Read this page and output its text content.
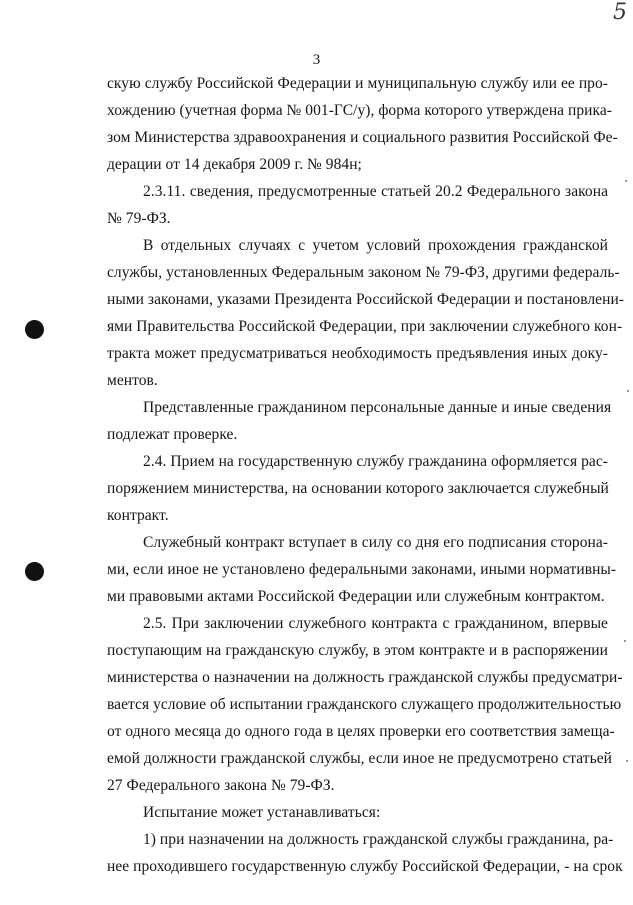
5
3
скую службу Российской Федерации и муниципальную службу или ее про-
хождению (учетная форма № 001-ГС/у), форма которого утверждена прика-
зом Министерства здравоохранения и социального развития Российской Фе-
дерации от 14 декабря 2009 г. № 984н;
2.3.11. сведения, предусмотренные статьей 20.2 Федерального закона
№ 79-ФЗ.
В отдельных случаях с учетом условий прохождения гражданской
службы, установленных Федеральным законом № 79-ФЗ, другими федераль-
ными законами, указами Президента Российской Федерации и постановлени-
ями Правительства Российской Федерации, при заключении служебного кон-
тракта может предусматриваться необходимость предъявления иных доку-
ментов.
Представленные гражданином персональные данные и иные сведения
подлежат проверке.
2.4. Прием на государственную службу гражданина оформляется рас-
поряжением министерства, на основании которого заключается служебный
контракт.
Служебный контракт вступает в силу со дня его подписания сторона-
ми, если иное не установлено федеральными законами, иными нормативны-
ми правовыми актами Российской Федерации или служебным контрактом.
2.5. При заключении служебного контракта с гражданином, впервые
поступающим на гражданскую службу, в этом контракте и в распоряжении
министерства о назначении на должность гражданской службы предусматри-
вается условие об испытании гражданского служащего продолжительностью
от одного месяца до одного года в целях проверки его соответствия замеща-
емой должности гражданской службы, если иное не предусмотрено статьей
27 Федерального закона № 79-ФЗ.
Испытание может устанавливаться:
1) при назначении на должность гражданской службы гражданина, ра-
нее проходившего государственную службу Российской Федерации, - на срок
